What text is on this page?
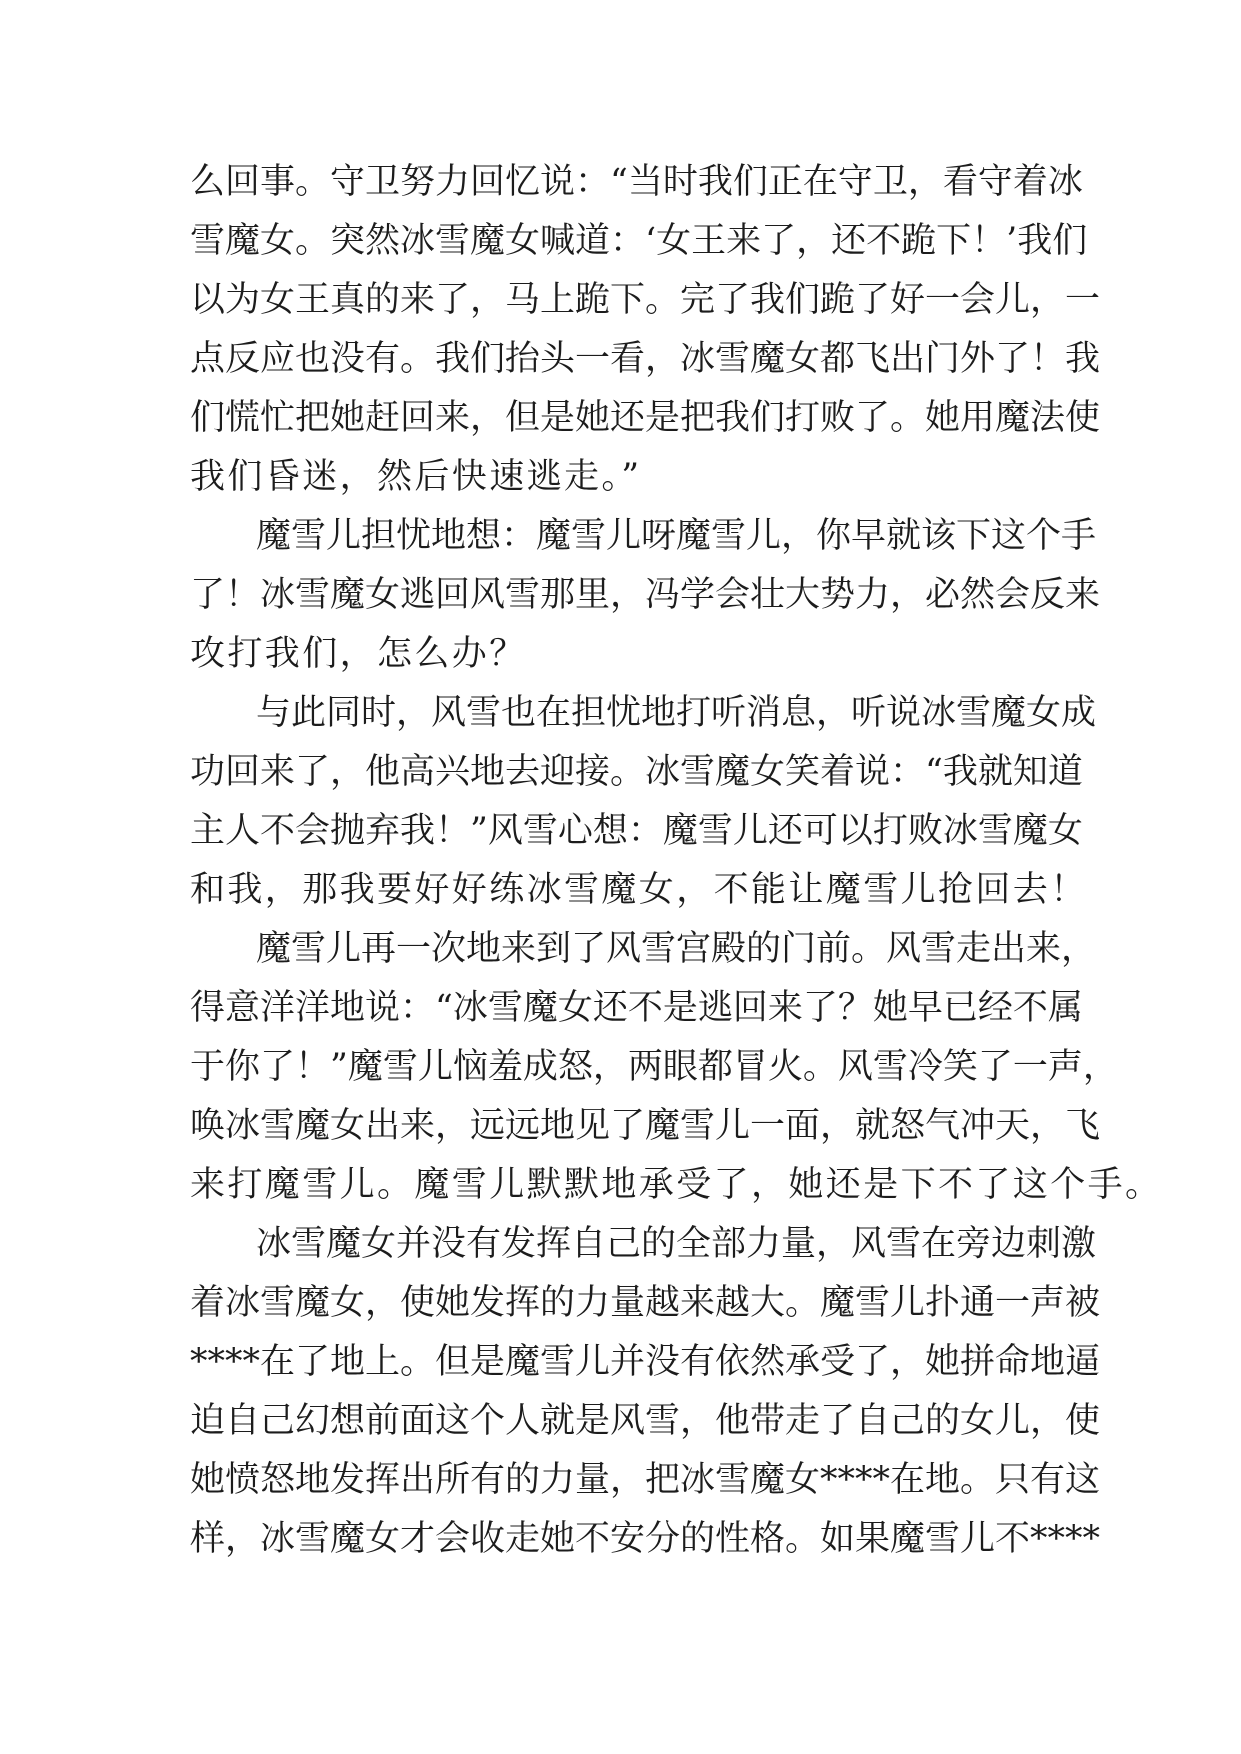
么回事。守卫努力回忆说：“当时我们正在守卫，看守着冰
雪魔女。突然冰雪魔女喊道：‘女王来了，还不跪下！’我们
以为女王真的来了，马上跪下。完了我们跪了好一会儿，一
点反应也没有。我们抬头一看，冰雪魔女都飞出门外了！我
们慌忙把她赶回来，但是她还是把我们打败了。她用魔法使
我们昏迷，然后快速逃走。”
魔雪儿担忧地想：魔雪儿呀魔雪儿，你早就该下这个手
了！冰雪魔女逃回风雪那里，冯学会壮大势力，必然会反来
攻打我们，怎么办？
与此同时，风雪也在担忧地打听消息，听说冰雪魔女成
功回来了，他高兴地去迎接。冰雪魔女笑着说：“我就知道
主人不会抛弃我！”风雪心想：魔雪儿还可以打败冰雪魔女
和我，那我要好好练冰雪魔女，不能让魔雪儿抢回去！
魔雪儿再一次地来到了风雪宫殿的门前。风雪走出来，
得意洋洋地说：“冰雪魔女还不是逃回来了？她早已经不属
于你了！”魔雪儿恼羞成怒，两眼都冒火。风雪冷笑了一声，
唤冰雪魔女出来，远远地见了魔雪儿一面，就怒气冲天，飞
来打魔雪儿。魔雪儿默默地承受了，她还是下不了这个手。
冰雪魔女并没有发挥自己的全部力量，风雪在旁边刺激
着冰雪魔女，使她发挥的力量越来越大。魔雪儿扑通一声被
****在了地上。但是魔雪儿并没有依然承受了，她拼命地逼
迫自己幻想前面这个人就是风雪，他带走了自己的女儿，使
她愤怒地发挥出所有的力量，把冰雪魔女****在地。只有这
样，冰雪魔女才会收走她不安分的性格。如果魔雪儿不****
